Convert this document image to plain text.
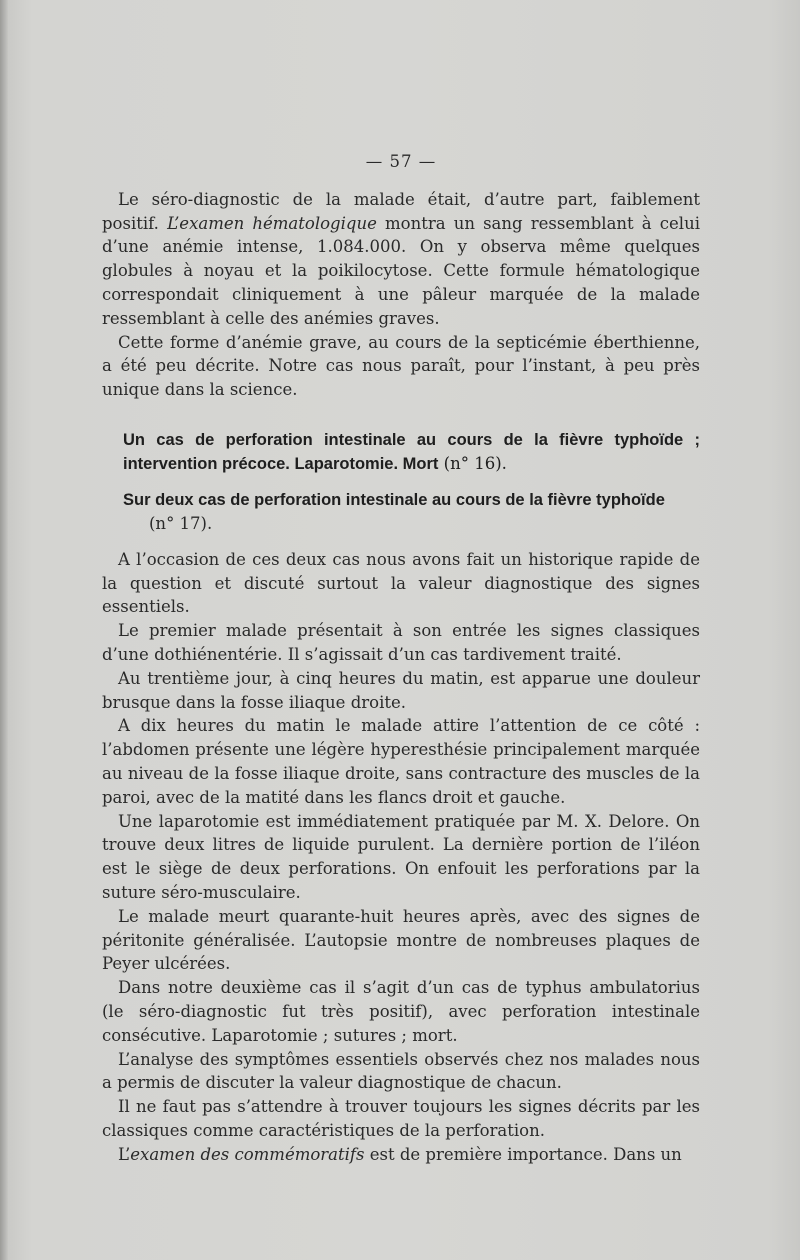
— 57 —

Le séro-diagnostic de la malade était, d’autre part, faiblement positif. L’examen hématologique montra un sang ressemblant à celui d’une anémie intense, 1.084.000. On y observa même quelques globules à noyau et la poikilocytose. Cette formule hématologique correspondait cliniquement à une pâleur marquée de la malade ressemblant à celle des anémies graves.

Cette forme d’anémie grave, au cours de la septicémie éberthienne, a été peu décrite. Notre cas nous paraît, pour l’instant, à peu près unique dans la science.

Un cas de perforation intestinale au cours de la fièvre typhoïde ; intervention précoce. Laparotomie. Mort (n° 16).
Sur deux cas de perforation intestinale au cours de la fièvre typhoïde
(n° 17).

A l’occasion de ces deux cas nous avons fait un historique rapide de la question et discuté surtout la valeur diagnostique des signes essentiels.

Le premier malade présentait à son entrée les signes classiques d’une dothiénentérie. Il s’agissait d’un cas tardivement traité.

Au trentième jour, à cinq heures du matin, est apparue une douleur brusque dans la fosse iliaque droite.

A dix heures du matin le malade attire l’attention de ce côté : l’abdomen présente une légère hyperesthésie principalement marquée au niveau de la fosse iliaque droite, sans contracture des muscles de la paroi, avec de la matité dans les flancs droit et gauche.

Une laparotomie est immédiatement pratiquée par M. X. Delore. On trouve deux litres de liquide purulent. La dernière portion de l’iléon est le siège de deux perforations. On enfouit les perforations par la suture séro-musculaire.

Le malade meurt quarante-huit heures après, avec des signes de péritonite généralisée. L’autopsie montre de nombreuses plaques de Peyer ulcérées.

Dans notre deuxième cas il s’agit d’un cas de typhus ambulatorius (le séro-diagnostic fut très positif), avec perforation intestinale consécutive. Laparotomie ; sutures ; mort.

L’analyse des symptômes essentiels observés chez nos malades nous a permis de discuter la valeur diagnostique de chacun.

Il ne faut pas s’attendre à trouver toujours les signes décrits par les classiques comme caractéristiques de la perforation.

L’examen des commémoratifs est de première importance. Dans un
